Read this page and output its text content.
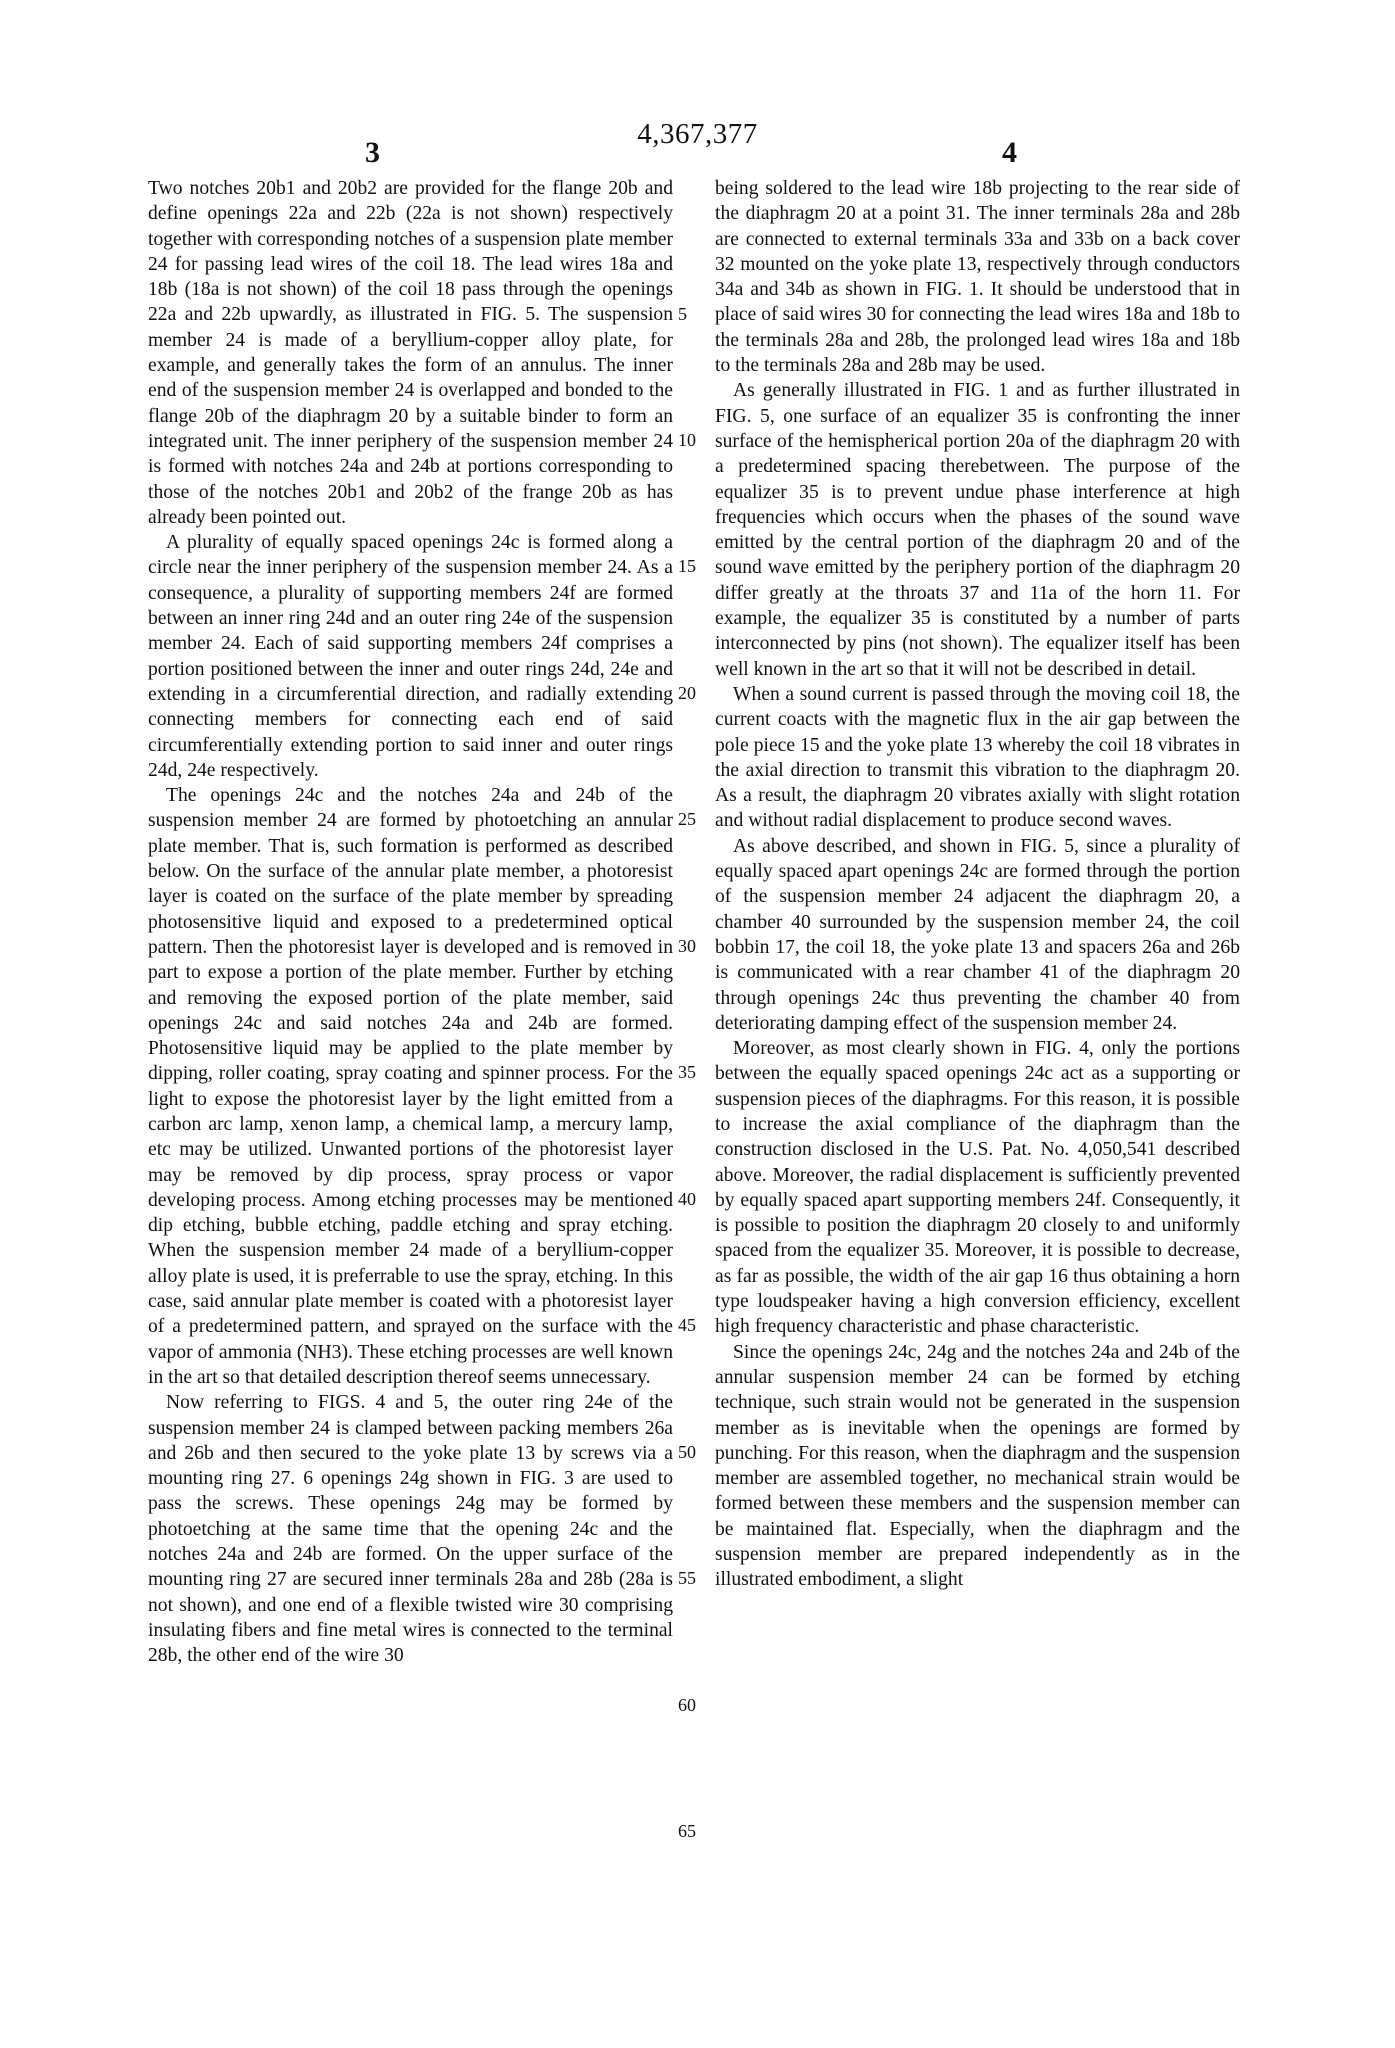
4,367,377
3	4

Two notches 20b1 and 20b2 are provided for the flange 20b and define openings 22a and 22b (22a is not shown) respectively together with corresponding notches of a suspension plate member 24 for passing lead wires of the coil 18. The lead wires 18a and 18b (18a is not shown) of the coil 18 pass through the openings 22a and 22b upwardly, as illustrated in FIG. 5. The suspension member 24 is made of a beryllium-copper alloy plate, for example, and generally takes the form of an annulus. The inner end of the suspension member 24 is overlapped and bonded to the flange 20b of the diaphragm 20 by a suitable binder to form an integrated unit. The inner periphery of the suspension member 24 is formed with notches 24a and 24b at portions corresponding to those of the notches 20b1 and 20b2 of the frange 20b as has already been pointed out.

A plurality of equally spaced openings 24c is formed along a circle near the inner periphery of the suspension member 24. As a consequence, a plurality of supporting members 24f are formed between an inner ring 24d and an outer ring 24e of the suspension member 24. Each of said supporting members 24f comprises a portion positioned between the inner and outer rings 24d, 24e and extending in a circumferential direction, and radially extending connecting members for connecting each end of said circumferentially extending portion to said inner and outer rings 24d, 24e respectively.

The openings 24c and the notches 24a and 24b of the suspension member 24 are formed by photoetching an annular plate member. That is, such formation is performed as described below. On the surface of the annular plate member, a photoresist layer is coated on the surface of the plate member by spreading photosensitive liquid and exposed to a predetermined optical pattern. Then the photoresist layer is developed and is removed in part to expose a portion of the plate member. Further by etching and removing the exposed portion of the plate member, said openings 24c and said notches 24a and 24b are formed. Photosensitive liquid may be applied to the plate member by dipping, roller coating, spray coating and spinner process. For the light to expose the photoresist layer by the light emitted from a carbon arc lamp, xenon lamp, a chemical lamp, a mercury lamp, etc may be utilized. Unwanted portions of the photoresist layer may be removed by dip process, spray process or vapor developing process. Among etching processes may be mentioned dip etching, bubble etching, paddle etching and spray etching. When the suspension member 24 made of a beryllium-copper alloy plate is used, it is preferrable to use the spray, etching. In this case, said annular plate member is coated with a photoresist layer of a predetermined pattern, and sprayed on the surface with the vapor of ammonia (NH3). These etching processes are well known in the art so that detailed description thereof seems unnecessary.

Now referring to FIGS. 4 and 5, the outer ring 24e of the suspension member 24 is clamped between packing members 26a and 26b and then secured to the yoke plate 13 by screws via a mounting ring 27. 6 openings 24g shown in FIG. 3 are used to pass the screws. These openings 24g may be formed by photoetching at the same time that the opening 24c and the notches 24a and 24b are formed. On the upper surface of the mounting ring 27 are secured inner terminals 28a and 28b (28a is not shown), and one end of a flexible twisted wire 30 comprising insulating fibers and fine metal wires is connected to the terminal 28b, the other end of the wire 30

5
10
15
20
25
30
35
40
45
50
55
60
65

being soldered to the lead wire 18b projecting to the rear side of the diaphragm 20 at a point 31. The inner terminals 28a and 28b are connected to external terminals 33a and 33b on a back cover 32 mounted on the yoke plate 13, respectively through conductors 34a and 34b as shown in FIG. 1. It should be understood that in place of said wires 30 for connecting the lead wires 18a and 18b to the terminals 28a and 28b, the prolonged lead wires 18a and 18b to the terminals 28a and 28b may be used.

As generally illustrated in FIG. 1 and as further illustrated in FIG. 5, one surface of an equalizer 35 is confronting the inner surface of the hemispherical portion 20a of the diaphragm 20 with a predetermined spacing therebetween. The purpose of the equalizer 35 is to prevent undue phase interference at high frequencies which occurs when the phases of the sound wave emitted by the central portion of the diaphragm 20 and of the sound wave emitted by the periphery portion of the diaphragm 20 differ greatly at the throats 37 and 11a of the horn 11. For example, the equalizer 35 is constituted by a number of parts interconnected by pins (not shown). The equalizer itself has been well known in the art so that it will not be described in detail.

When a sound current is passed through the moving coil 18, the current coacts with the magnetic flux in the air gap between the pole piece 15 and the yoke plate 13 whereby the coil 18 vibrates in the axial direction to transmit this vibration to the diaphragm 20. As a result, the diaphragm 20 vibrates axially with slight rotation and without radial displacement to produce second waves.

As above described, and shown in FIG. 5, since a plurality of equally spaced apart openings 24c are formed through the portion of the suspension member 24 adjacent the diaphragm 20, a chamber 40 surrounded by the suspension member 24, the coil bobbin 17, the coil 18, the yoke plate 13 and spacers 26a and 26b is communicated with a rear chamber 41 of the diaphragm 20 through openings 24c thus preventing the chamber 40 from deteriorating damping effect of the suspension member 24.

Moreover, as most clearly shown in FIG. 4, only the portions between the equally spaced openings 24c act as a supporting or suspension pieces of the diaphragms. For this reason, it is possible to increase the axial compliance of the diaphragm than the construction disclosed in the U.S. Pat. No. 4,050,541 described above. Moreover, the radial displacement is sufficiently prevented by equally spaced apart supporting members 24f. Consequently, it is possible to position the diaphragm 20 closely to and uniformly spaced from the equalizer 35. Moreover, it is possible to decrease, as far as possible, the width of the air gap 16 thus obtaining a horn type loudspeaker having a high conversion efficiency, excellent high frequency characteristic and phase characteristic.

Since the openings 24c, 24g and the notches 24a and 24b of the annular suspension member 24 can be formed by etching technique, such strain would not be generated in the suspension member as is inevitable when the openings are formed by punching. For this reason, when the diaphragm and the suspension member are assembled together, no mechanical strain would be formed between these members and the suspension member can be maintained flat. Especially, when the diaphragm and the suspension member are prepared independently as in the illustrated embodiment, a slight
